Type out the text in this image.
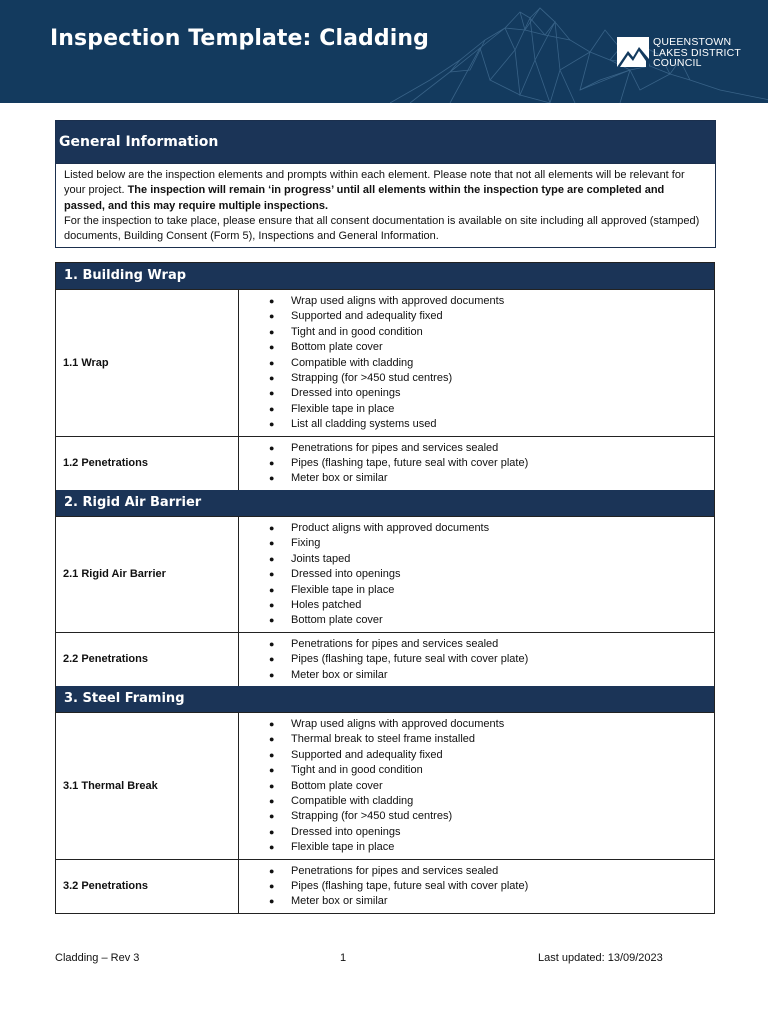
Inspection Template: Cladding	QUEENSTOWN
LAKES DISTRICT
COUNCIL
General Information

Listed below are the inspection elements and prompts within each element. Please note that not all elements will be relevant for your project. The inspection will remain ‘in progress’ until all elements within the inspection type are completed and passed, and this may require multiple inspections.

For the inspection to take place, please ensure that all consent documentation is available on site including all approved (stamped) documents, Building Consent (Form 5), Inspections and General Information.

1. Building Wrap
1.1 Wrap
● Wrap used aligns with approved documents
● Supported and adequality fixed
● Tight and in good condition
● Bottom plate cover
● Compatible with cladding
● Strapping (for >450 stud centres)
● Dressed into openings
● Flexible tape in place
● List all cladding systems used
1.2 Penetrations
● Penetrations for pipes and services sealed
● Pipes (flashing tape, future seal with cover plate)
● Meter box or similar
2. Rigid Air Barrier
2.1 Rigid Air Barrier
● Product aligns with approved documents
● Fixing
● Joints taped
● Dressed into openings
● Flexible tape in place
● Holes patched
● Bottom plate cover
2.2 Penetrations
● Penetrations for pipes and services sealed
● Pipes (flashing tape, future seal with cover plate)
● Meter box or similar
3. Steel Framing
3.1 Thermal Break
● Wrap used aligns with approved documents
● Thermal break to steel frame installed
● Supported and adequality fixed
● Tight and in good condition
● Bottom plate cover
● Compatible with cladding
● Strapping (for >450 stud centres)
● Dressed into openings
● Flexible tape in place
3.2 Penetrations
● Penetrations for pipes and services sealed
● Pipes (flashing tape, future seal with cover plate)
● Meter box or similar
Cladding – Rev 3	1	Last updated: 13/09/2023
